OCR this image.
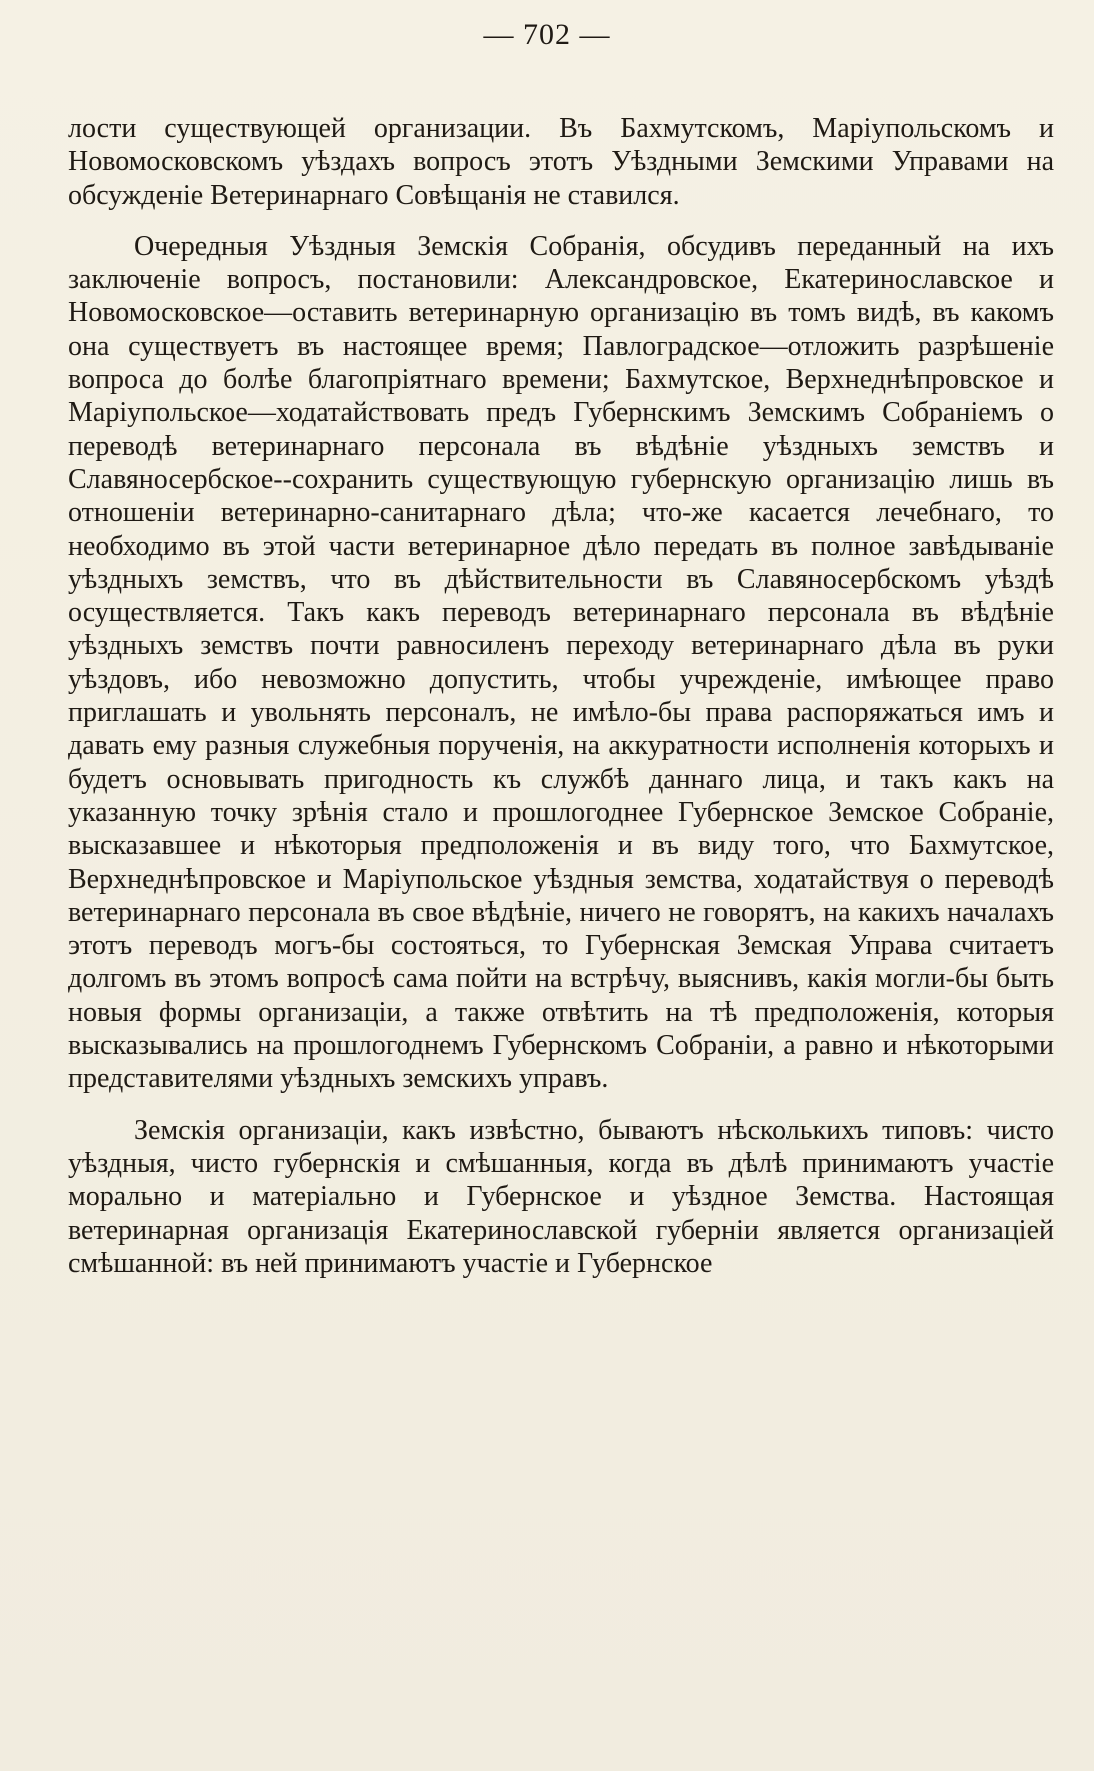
— 702 —

лости существующей организации. Въ Бахмутскомъ, Маріупольскомъ и Новомосковскомъ уѣздахъ вопросъ этотъ Уѣздными Земскими Управами на обсужденіе Ветеринарнаго Совѣщанія не ставился.

Очередныя Уѣздныя Земскія Собранія, обсудивъ переданный на ихъ заключеніе вопросъ, постановили: Александровское, Екатеринославское и Новомосковское—оставить ветеринарную организацію въ томъ видѣ, въ какомъ она существуетъ въ настоящее время; Павлоградское—отложить разрѣшеніе вопроса до болѣе благопріятнаго времени; Бахмутское, Верхнеднѣпровское и Маріупольское—ходатайствовать предъ Губернскимъ Земскимъ Собраніемъ о переводѣ ветеринарнаго персонала въ вѣдѣніе уѣздныхъ земствъ и Славяносербское--сохранить существующую губернскую организацію лишь въ отношеніи ветеринарно-санитарнаго дѣла; что-же касается лечебнаго, то необходимо въ этой части ветеринарное дѣло передать въ полное завѣдываніе уѣздныхъ земствъ, что въ дѣйствительности въ Славяносербскомъ уѣздѣ осуществляется. Такъ какъ переводъ ветеринарнаго персонала въ вѣдѣніе уѣздныхъ земствъ почти равносиленъ переходу ветеринарнаго дѣла въ руки уѣздовъ, ибо невозможно допустить, чтобы учрежденіе, имѣющее право приглашать и увольнять персоналъ, не имѣло-бы права распоряжаться имъ и давать ему разныя служебныя порученія, на аккуратности исполненія которыхъ и будетъ основывать пригодность къ службѣ даннаго лица, и такъ какъ на указанную точку зрѣнія стало и прошлогоднее Губернское Земское Собраніе, высказавшее и нѣкоторыя предположенія и въ виду того, что Бахмутское, Верхнеднѣпровское и Маріупольское уѣздныя земства, ходатайствуя о переводѣ ветеринарнаго персонала въ свое вѣдѣніе, ничего не говорятъ, на какихъ началахъ этотъ переводъ могъ-бы состояться, то Губернская Земская Управа считаетъ долгомъ въ этомъ вопросѣ сама пойти на встрѣчу, выяснивъ, какія могли-бы быть новыя формы организаціи, а также отвѣтить на тѣ предположенія, которыя высказывались на прошлогоднемъ Губернскомъ Собраніи, а равно и нѣкоторыми представителями уѣздныхъ земскихъ управъ.

Земскія организаціи, какъ извѣстно, бываютъ нѣсколькихъ типовъ: чисто уѣздныя, чисто губернскія и смѣшанныя, когда въ дѣлѣ принимаютъ участіе морально и матеріально и Губернское и уѣздное Земства. Настоящая ветеринарная организація Екатеринославской губерніи является организаціей смѣшанной: въ ней принимаютъ участіе и Губернское
